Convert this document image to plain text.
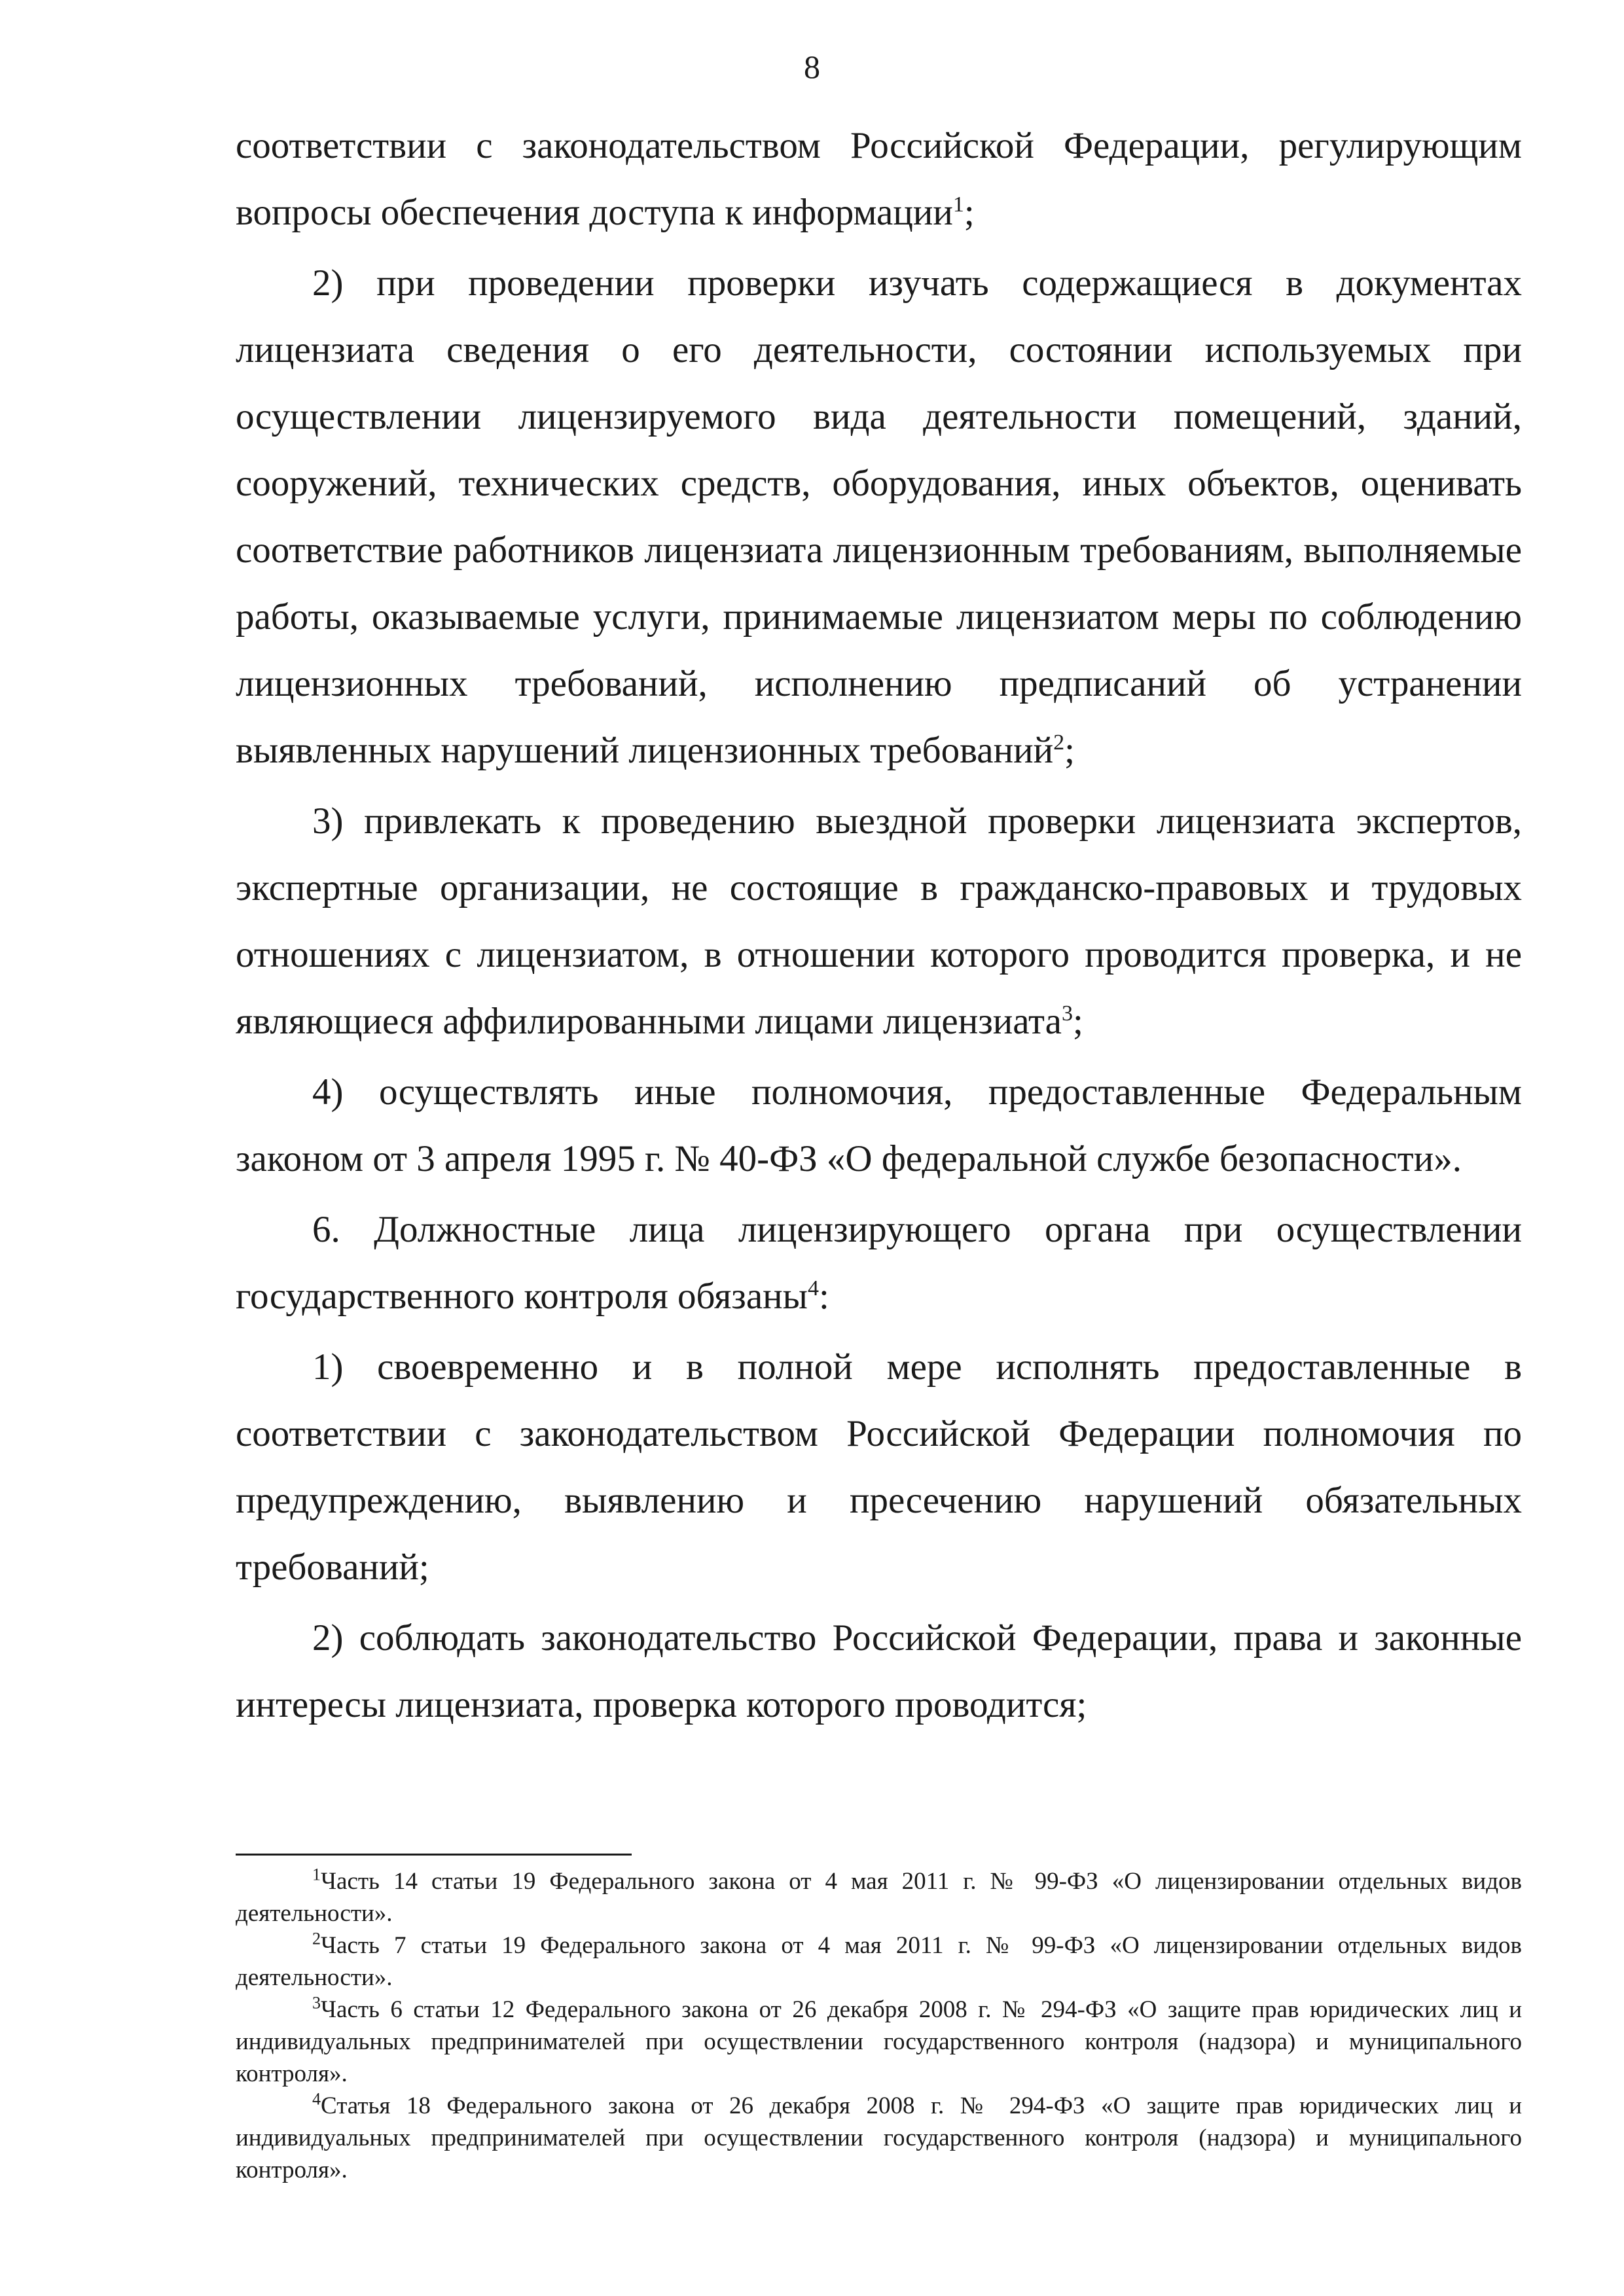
8

соответствии с законодательством Российской Федерации, регулирующим вопросы обеспечения доступа к информации$^1$;

2) при проведении проверки изучать содержащиеся в документах лицензиата сведения о его деятельности, состоянии используемых при осуществлении лицензируемого вида деятельности помещений, зданий, сооружений, технических средств, оборудования, иных объектов, оценивать соответствие работников лицензиата лицензионным требованиям, выполняемые работы, оказываемые услуги, принимаемые лицензиатом меры по соблюдению лицензионных требований, исполнению предписаний об устранении выявленных нарушений лицензионных требований$^2$;

3) привлекать к проведению выездной проверки лицензиата экспертов, экспертные организации, не состоящие в гражданско-правовых и трудовых отношениях с лицензиатом, в отношении которого проводится проверка, и не являющиеся аффилированными лицами лицензиата$^3$;

4) осуществлять иные полномочия, предоставленные Федеральным законом от 3 апреля 1995 г. № 40-ФЗ «О федеральной службе безопасности».

6. Должностные лица лицензирующего органа при осуществлении государственного контроля обязаны$^4$:

1) своевременно и в полной мере исполнять предоставленные в соответствии с законодательством Российской Федерации полномочия по предупреждению, выявлению и пресечению нарушений обязательных требований;

2) соблюдать законодательство Российской Федерации, права и законные интересы лицензиата, проверка которого проводится;

$^1$Часть 14 статьи 19 Федерального закона от 4 мая 2011 г. № 99-ФЗ «О лицензировании отдельных видов деятельности».

$^2$Часть 7 статьи 19 Федерального закона от 4 мая 2011 г. № 99-ФЗ «О лицензировании отдельных видов деятельности».

$^3$Часть 6 статьи 12 Федерального закона от 26 декабря 2008 г. № 294-ФЗ «О защите прав юридических лиц и индивидуальных предпринимателей при осуществлении государственного контроля (надзора) и муниципального контроля».

$^4$Статья 18 Федерального закона от 26 декабря 2008 г. № 294-ФЗ «О защите прав юридических лиц и индивидуальных предпринимателей при осуществлении государственного контроля (надзора) и муниципального контроля».
